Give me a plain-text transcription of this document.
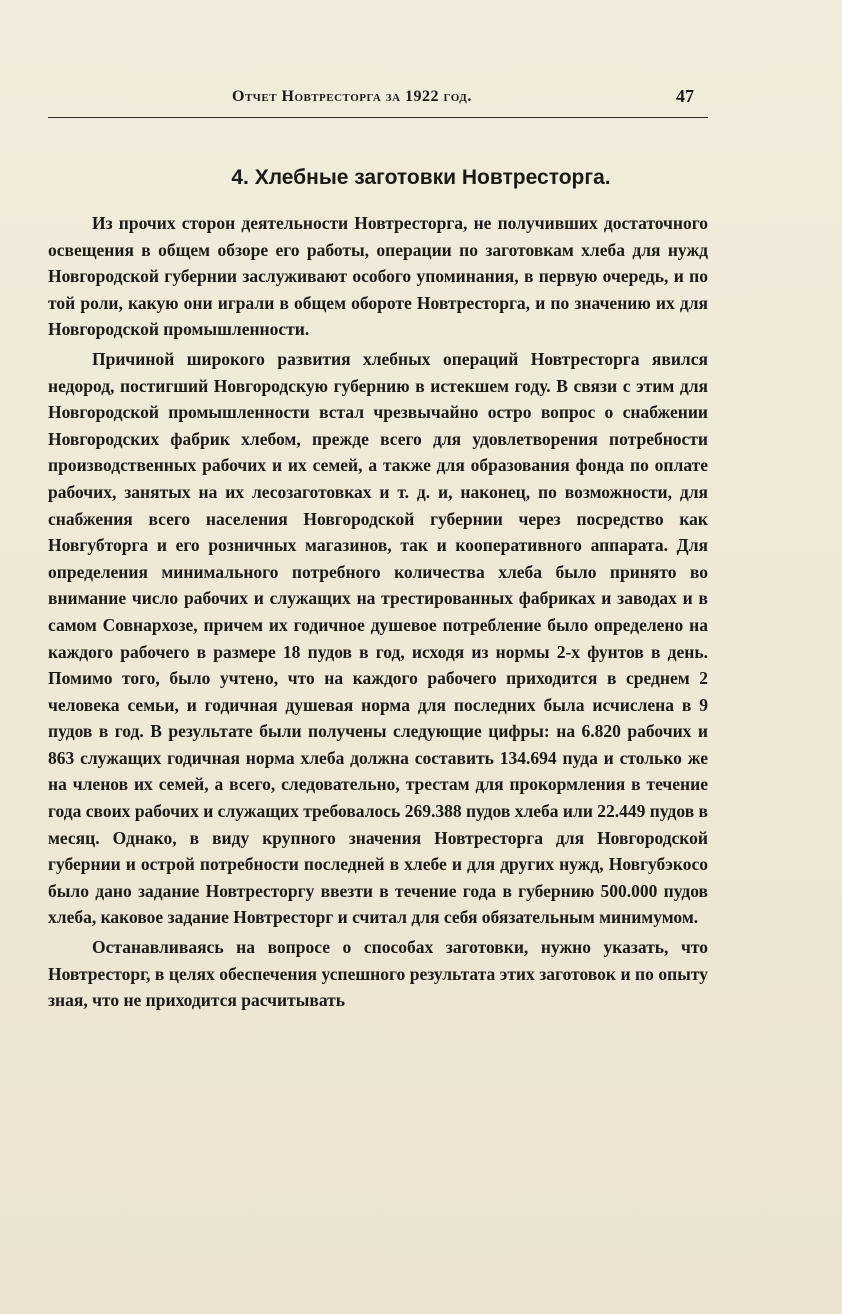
Отчет Новтресторга за 1922 год.	47
4. Хлебные заготовки Новтресторга.

Из прочих сторон деятельности Новтресторга, не получивших достаточного освещения в общем обзоре его работы, операции по заготовкам хлеба для нужд Новгородской губернии заслуживают особого упоминания, в первую очередь, и по той роли, какую они играли в общем обороте Новтресторга, и по значению их для Новгородской промышленности.

Причиной широкого развития хлебных операций Новтресторга явился недород, постигший Новгородскую губернию в истекшем году. В связи с этим для Новгородской промышленности встал чрезвычайно остро вопрос о снабжении Новгородских фабрик хлебом, прежде всего для удовлетворения потребности производственных рабочих и их семей, а также для образования фонда по оплате рабочих, занятых на их лесозаготовках и т. д. и, наконец, по возможности, для снабжения всего населения Новгородской губернии через посредство как Новгубторга и его розничных магазинов, так и кооперативного аппарата. Для определения минимального потребного количества хлеба было принято во внимание число рабочих и служащих на трестированных фабриках и заводах и в самом Совнархозе, причем их годичное душевое потребление было определено на каждого рабочего в размере 18 пудов в год, исходя из нормы 2-х фунтов в день. Помимо того, было учтено, что на каждого рабочего приходится в среднем 2 человека семьи, и годичная душевая норма для последних была исчислена в 9 пудов в год. В результате были получены следующие цифры: на 6.820 рабочих и 863 служащих годичная норма хлеба должна составить 134.694 пуда и столько же на членов их семей, а всего, следовательно, трестам для прокормления в течение года своих рабочих и служащих требовалось 269.388 пудов хлеба или 22.449 пудов в месяц. Однако, в виду крупного значения Новтресторга для Новгородской губернии и острой потребности последней в хлебе и для других нужд, Новгубэкосо было дано задание Новтресторгу ввезти в течение года в губернию 500.000 пудов хлеба, каковое задание Новтресторг и считал для себя обязательным минимумом.

Останавливаясь на вопросе о способах заготовки, нужно указать, что Новтресторг, в целях обеспечения успешного результата этих заготовок и по опыту зная, что не приходится расчитывать
